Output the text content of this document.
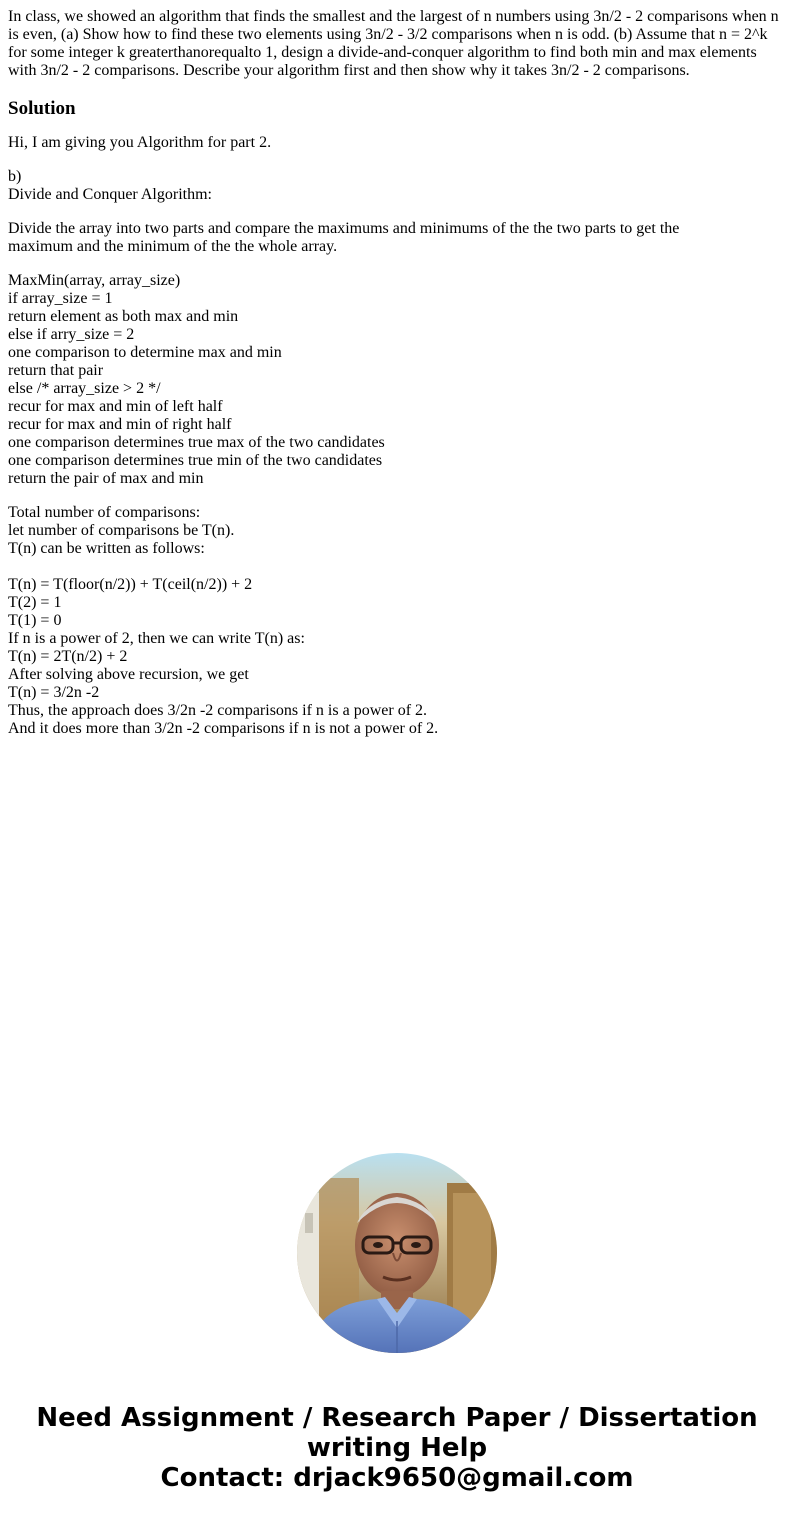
In class, we showed an algorithm that finds the smallest and the largest of n numbers using 3n/2 - 2 comparisons when n is even, (a) Show how to find these two elements using 3n/2 - 3/2 comparisons when n is odd. (b) Assume that n = 2^k for some integer k greaterthanorequalto 1, design a divide-and-conquer algorithm to find both min and max elements with 3n/2 - 2 comparisons. Describe your algorithm first and then show why it takes 3n/2 - 2 comparisons.

Solution

Hi, I am giving you Algorithm for part 2.

b)
Divide and Conquer Algorithm:

Divide the array into two parts and compare the maximums and minimums of the the two parts to get the maximum and the minimum of the the whole array.

MaxMin(array, array_size)
if array_size = 1
return element as both max and min
else if arry_size = 2
one comparison to determine max and min
return that pair
else /* array_size > 2 */
recur for max and min of left half
recur for max and min of right half
one comparison determines true max of the two candidates
one comparison determines true min of the two candidates
return the pair of max and min

Total number of comparisons:
let number of comparisons be T(n).
T(n) can be written as follows:
T(n) = T(floor(n/2)) + T(ceil(n/2)) + 2
T(2) = 1
T(1) = 0
If n is a power of 2, then we can write T(n) as:
T(n) = 2T(n/2) + 2
After solving above recursion, we get
T(n) = 3/2n -2
Thus, the approach does 3/2n -2 comparisons if n is a power of 2.
And it does more than 3/2n -2 comparisons if n is not a power of 2.

Need Assignment / Research Paper / Dissertation
writing Help
Contact: drjack9650@gmail.com
